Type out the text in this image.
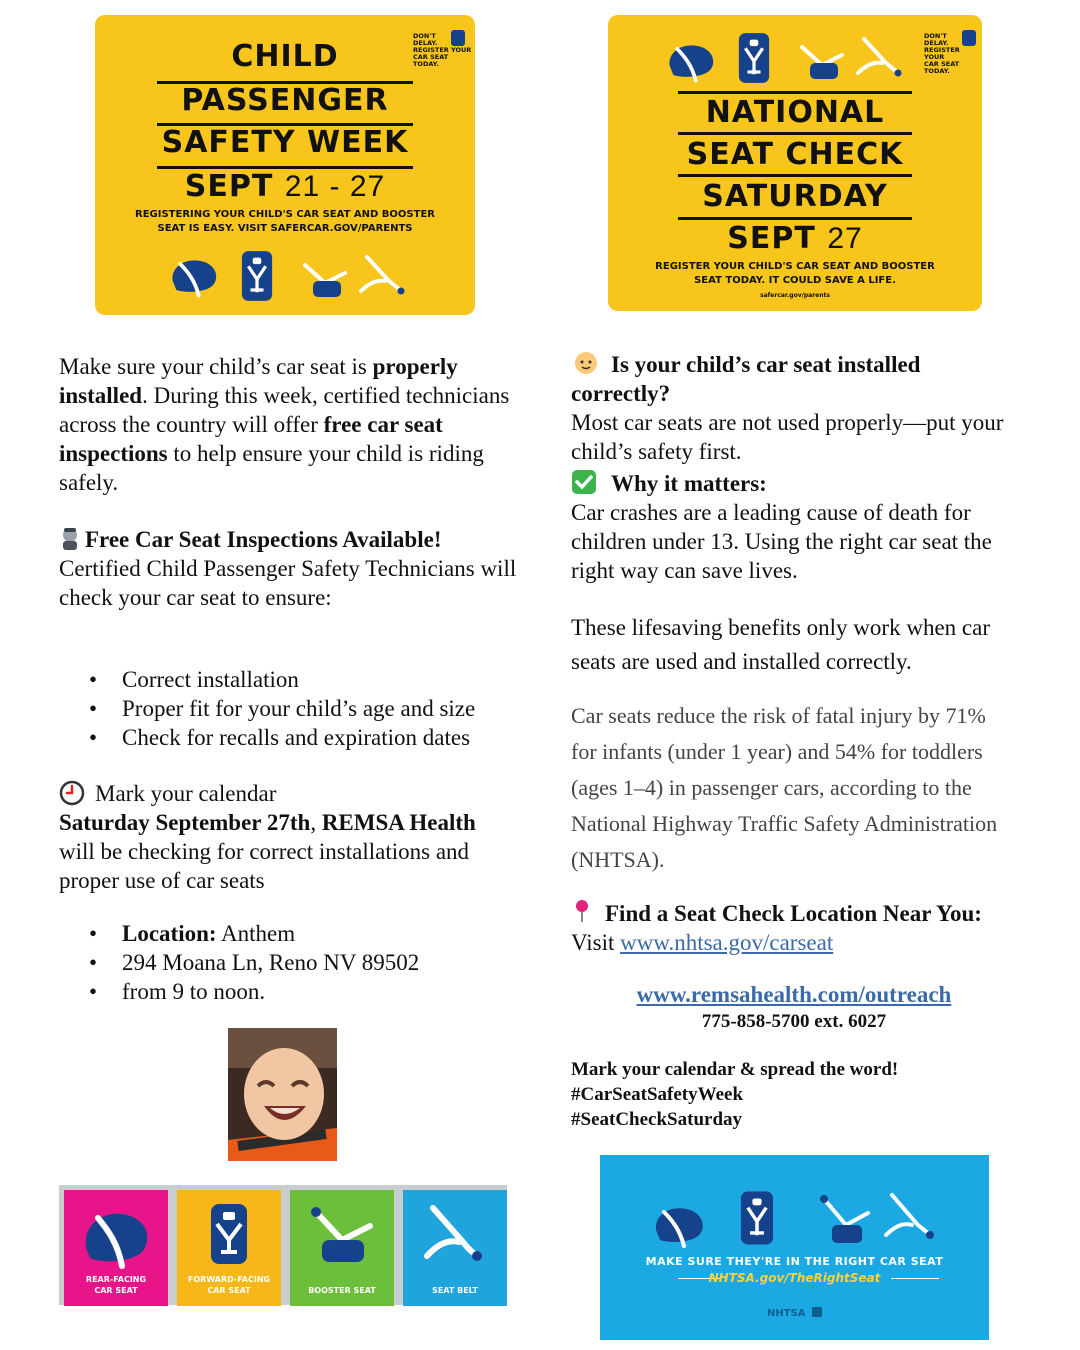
CHILD
PASSENGER
SAFETY WEEK
SEPT 21 - 27
REGISTERING YOUR CHILD'S CAR SEAT AND BOOSTER
SEAT IS EASY. VISIT SAFERCAR.GOV/PARENTS
DON'T
DELAY.
REGISTER YOUR
CAR SEAT TODAY.
DON'T
DELAY.
REGISTER YOUR
CAR SEAT TODAY.
NATIONAL
SEAT CHECK
SATURDAY
SEPT 27
REGISTER YOUR CHILD'S CAR SEAT AND BOOSTER
SEAT TODAY. IT COULD SAVE A LIFE.
safercar.gov/parents
Make sure your child’s car seat is properly installed. During this week, certified technicians across the country will offer free car seat inspections to help ensure your child is riding safely.
Free Car Seat Inspections Available!
Certified Child Passenger Safety Technicians will check your car seat to ensure:
• Correct installation
• Proper fit for your child’s age and size
• Check for recalls and expiration dates
Mark your calendar
Saturday September 27th, REMSA Health will be checking for correct installations and proper use of car seats
• Location: Anthem
• 294 Moana Ln, Reno NV 89502
• from 9 to noon.
REAR-FACING CAR SEAT
FORWARD-FACING CAR SEAT	BOOSTER SEAT	SEAT BELT
Is your child’s car seat installed correctly?
Most car seats are not used properly—put your child’s safety first.
Why it matters:
Car crashes are a leading cause of death for children under 13. Using the right car seat the right way can save lives.
These lifesaving benefits only work when car seats are used and installed correctly.
Car seats reduce the risk of fatal injury by 71% for infants (under 1 year) and 54% for toddlers (ages 1–4) in passenger cars, according to the National Highway Traffic Safety Administration (NHTSA).
Find a Seat Check Location Near You:
Visit www.nhtsa.gov/carseat
www.remsahealth.com/outreach
775-858-5700 ext. 6027
Mark your calendar & spread the word!
#CarSeatSafetyWeek
#SeatCheckSaturday
MAKE SURE THEY'RE IN THE RIGHT CAR SEAT
NHTSA.gov/TheRightSeat
NHTSA
